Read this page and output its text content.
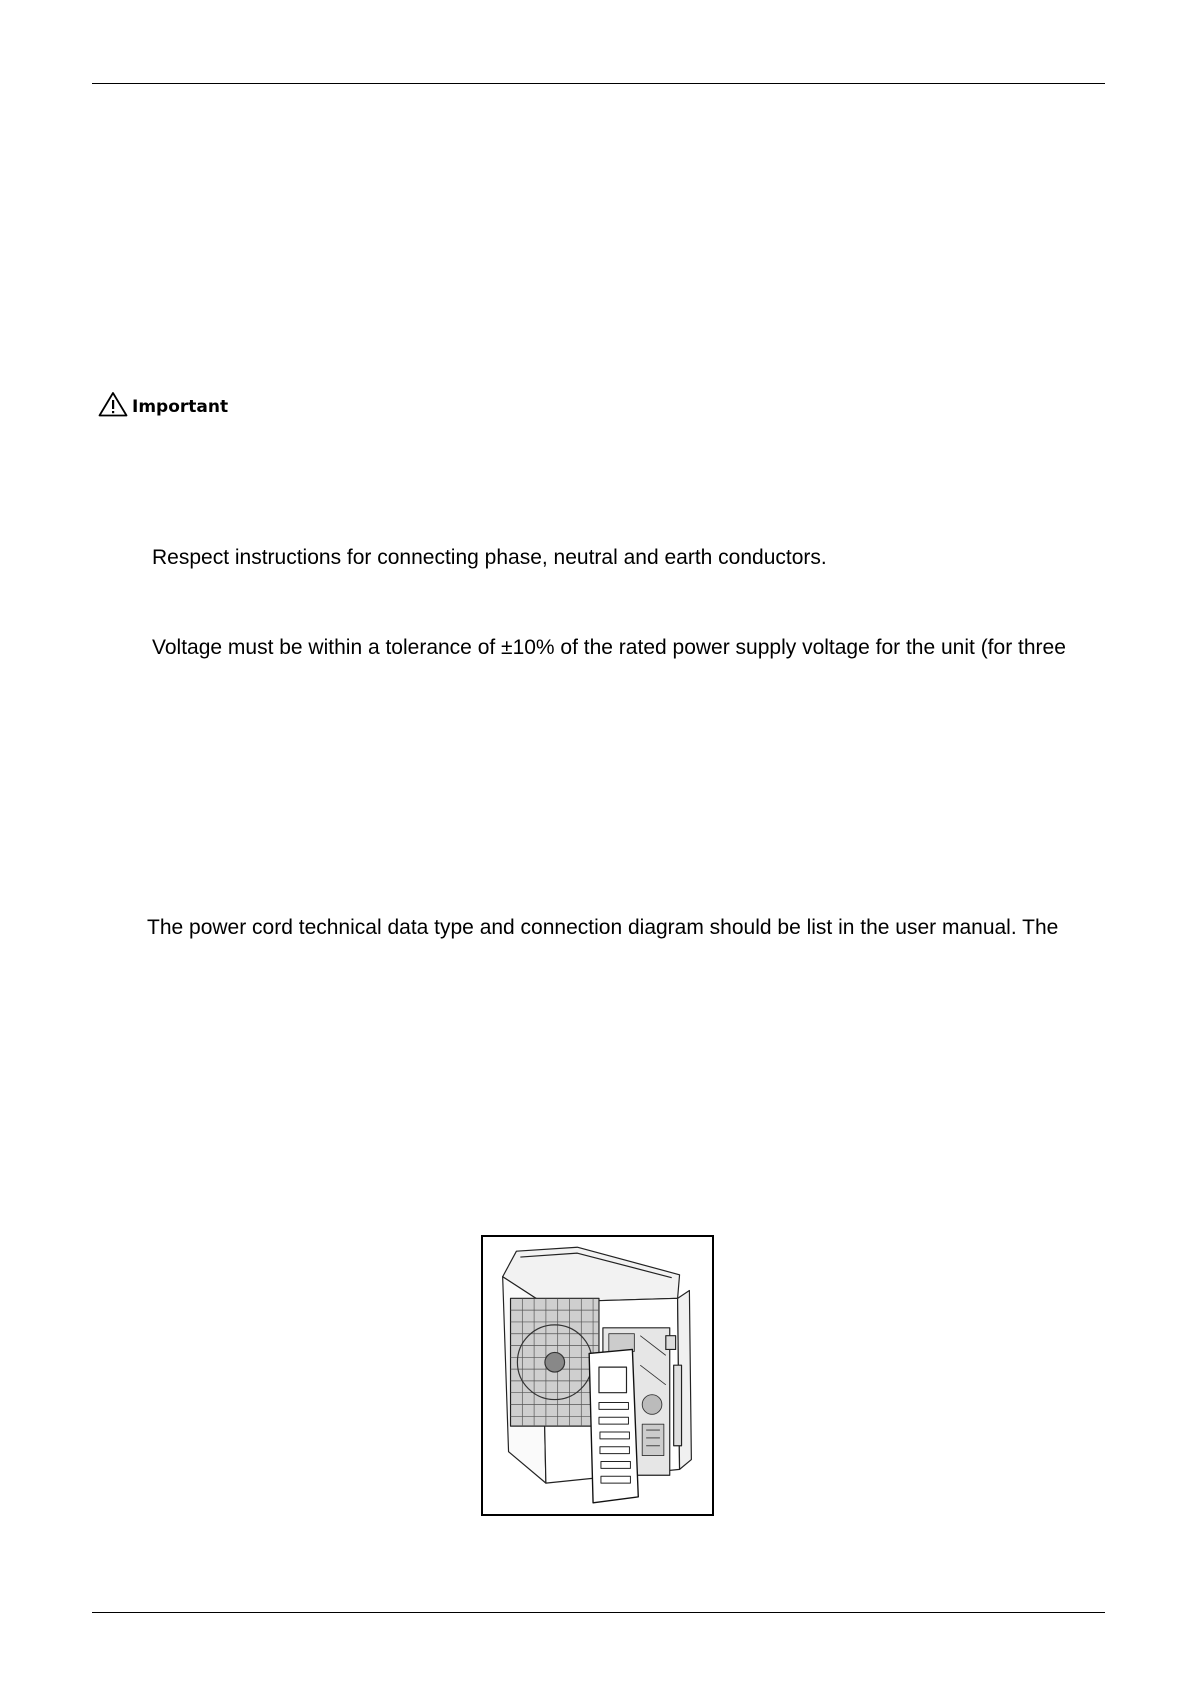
Important
Respect instructions for connecting phase, neutral and earth conductors.
Voltage must be within a tolerance of ±10% of the rated power supply voltage for the unit (for three
The power cord technical data type and connection diagram should be list in the user manual. The
